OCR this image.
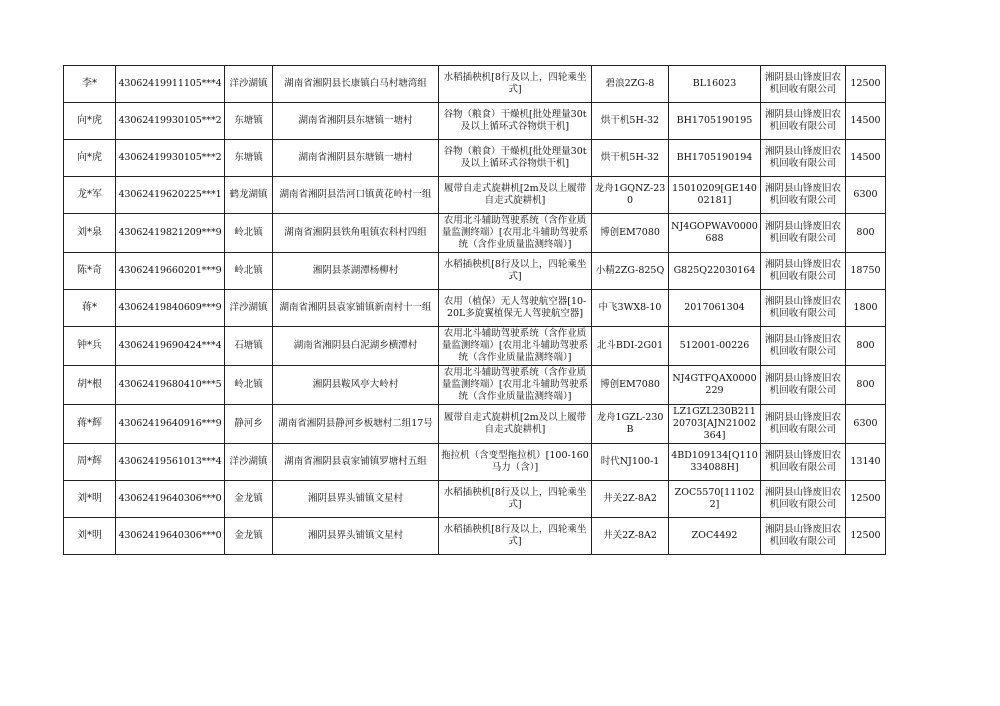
李*	43062419911105***4	洋沙湖镇	湖南省湘阴县长康镇白马村塘湾组	水稻插秧机[8行及以上，四轮乘坐式]	碧浪2ZG-8	BL16023	湘阴县山锋废旧农机回收有限公司	12500
向*虎	43062419930105***2	东塘镇	湖南省湘阴县东塘镇一塘村	谷物（粮食）干燥机[批处理量30t及以上循环式谷物烘干机]	烘干机5H-32	BH1705190195	湘阴县山锋废旧农机回收有限公司	14500
向*虎	43062419930105***2	东塘镇	湖南省湘阴县东塘镇一塘村	谷物（粮食）干燥机[批处理量30t及以上循环式谷物烘干机]	烘干机5H-32	BH1705190194	湘阴县山锋废旧农机回收有限公司	14500
龙*军	43062419620225***1	鹤龙湖镇	湖南省湘阴县浩河口镇黄花岭村一组	履带自走式旋耕机[2m及以上履带自走式旋耕机]	龙舟1GQNZ-230	15010209[GE14002181]	湘阴县山锋废旧农机回收有限公司	6300
刘*泉	43062419821209***9	岭北镇	湖南省湘阴县铁角咀镇农科村四组	农用北斗辅助驾驶系统（含作业质量监测终端）[农用北斗辅助驾驶系统（含作业质量监测终端）]	博创EM7080	NJ4GOPWAV0000688	湘阴县山锋废旧农机回收有限公司	800
陈*奇	43062419660201***9	岭北镇	湘阴县茶湖潭杨柳村	水稻插秧机[8行及以上，四轮乘坐式]	小精2ZG-825Q	G825Q22030164	湘阴县山锋废旧农机回收有限公司	18750
蒋*	43062419840609***9	洋沙湖镇	湖南省湘阴县袁家铺镇新南村十一组	农用（植保）无人驾驶航空器[10-20L多旋翼植保无人驾驶航空器]	中飞3WX8-10	2017061304	湘阴县山锋废旧农机回收有限公司	1800
钟*兵	43062419690424***4	石塘镇	湖南省湘阴县白泥湖乡横潭村	农用北斗辅助驾驶系统（含作业质量监测终端）[农用北斗辅助驾驶系统（含作业质量监测终端）]	北斗BDI-2G01	512001-00226	湘阴县山锋废旧农机回收有限公司	800
胡*根	43062419680410***5	岭北镇	湘阴县鞍风亭大岭村	农用北斗辅助驾驶系统（含作业质量监测终端）[农用北斗辅助驾驶系统（含作业质量监测终端）]	博创EM7080	NJ4GTFQAX0000229	湘阴县山锋废旧农机回收有限公司	800
蒋*辉	43062419640916***9	静河乡	湖南省湘阴县静河乡板塘村二组17号	履带自走式旋耕机[2m及以上履带自走式旋耕机]	龙舟1GZL-230B	LZ1GZL230B21120703[AJN21002364]	湘阴县山锋废旧农机回收有限公司	6300
周*辉	43062419561013***4	洋沙湖镇	湖南省湘阴县袁家铺镇罗塘村五组	拖拉机（含变型拖拉机）[100-160马力（含）]	时代NJ100-1	4BD109134[Q110334088H]	湘阴县山锋废旧农机回收有限公司	13140
刘*明	43062419640306***0	金龙镇	湘阴县界头铺镇文星村	水稻插秧机[8行及以上，四轮乘坐式]	井关2Z-8A2	ZOC5570[111022]	湘阴县山锋废旧农机回收有限公司	12500
刘*明	43062419640306***0	金龙镇	湘阴县界头铺镇文星村	水稻插秧机[8行及以上，四轮乘坐式]	井关2Z-8A2	ZOC4492	湘阴县山锋废旧农机回收有限公司	12500
